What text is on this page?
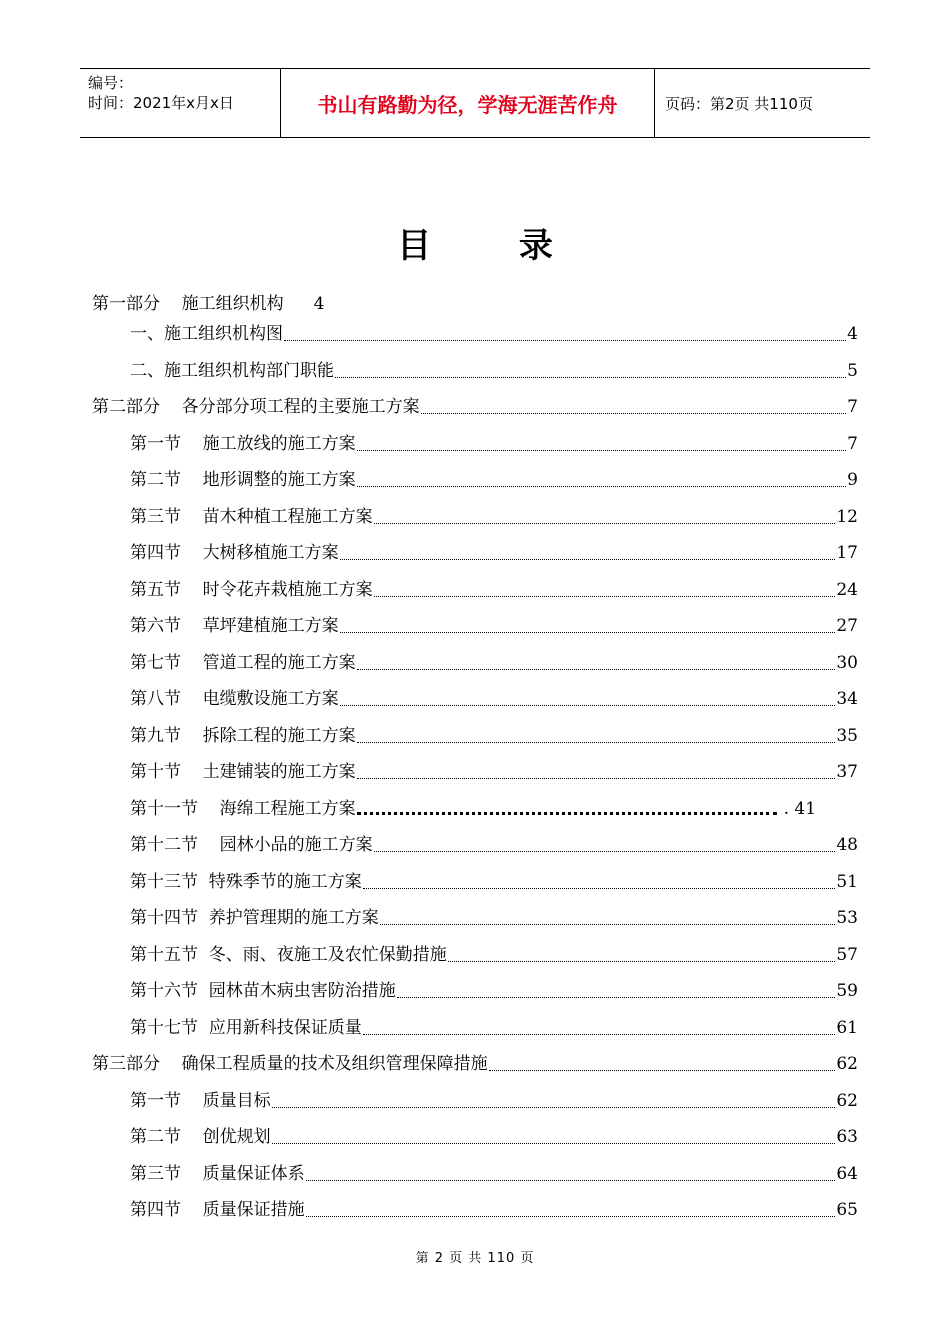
编号：
时间：2021年x月x日	书山有路勤为径，学海无涯苦作舟	页码：第2页 共110页
目 录
第一部分    施工组织机构 4
一、施工组织机构图	4
二、施工组织机构部门职能	5
第二部分    各分部分项工程的主要施工方案	7
第一节    施工放线的施工方案	7
第二节    地形调整的施工方案	9
第三节    苗木种植工程施工方案	12
第四节    大树移植施工方案	17
第五节    时令花卉栽植施工方案	24
第六节    草坪建植施工方案	27
第七节    管道工程的施工方案	30
第八节    电缆敷设施工方案	34
第九节    拆除工程的施工方案	35
第十节    土建铺装的施工方案	37
第十一节    海绵工程施工方案	. 41
第十二节    园林小品的施工方案	48
第十三节  特殊季节的施工方案	51
第十四节  养护管理期的施工方案	53
第十五节  冬、雨、夜施工及农忙保勤措施	57
第十六节  园林苗木病虫害防治措施	59
第十七节  应用新科技保证质量	61
第三部分    确保工程质量的技术及组织管理保障措施	62
第一节    质量目标	62
第二节    创优规划	63
第三节    质量保证体系	64
第四节    质量保证措施	65
第 2 页 共 110 页
